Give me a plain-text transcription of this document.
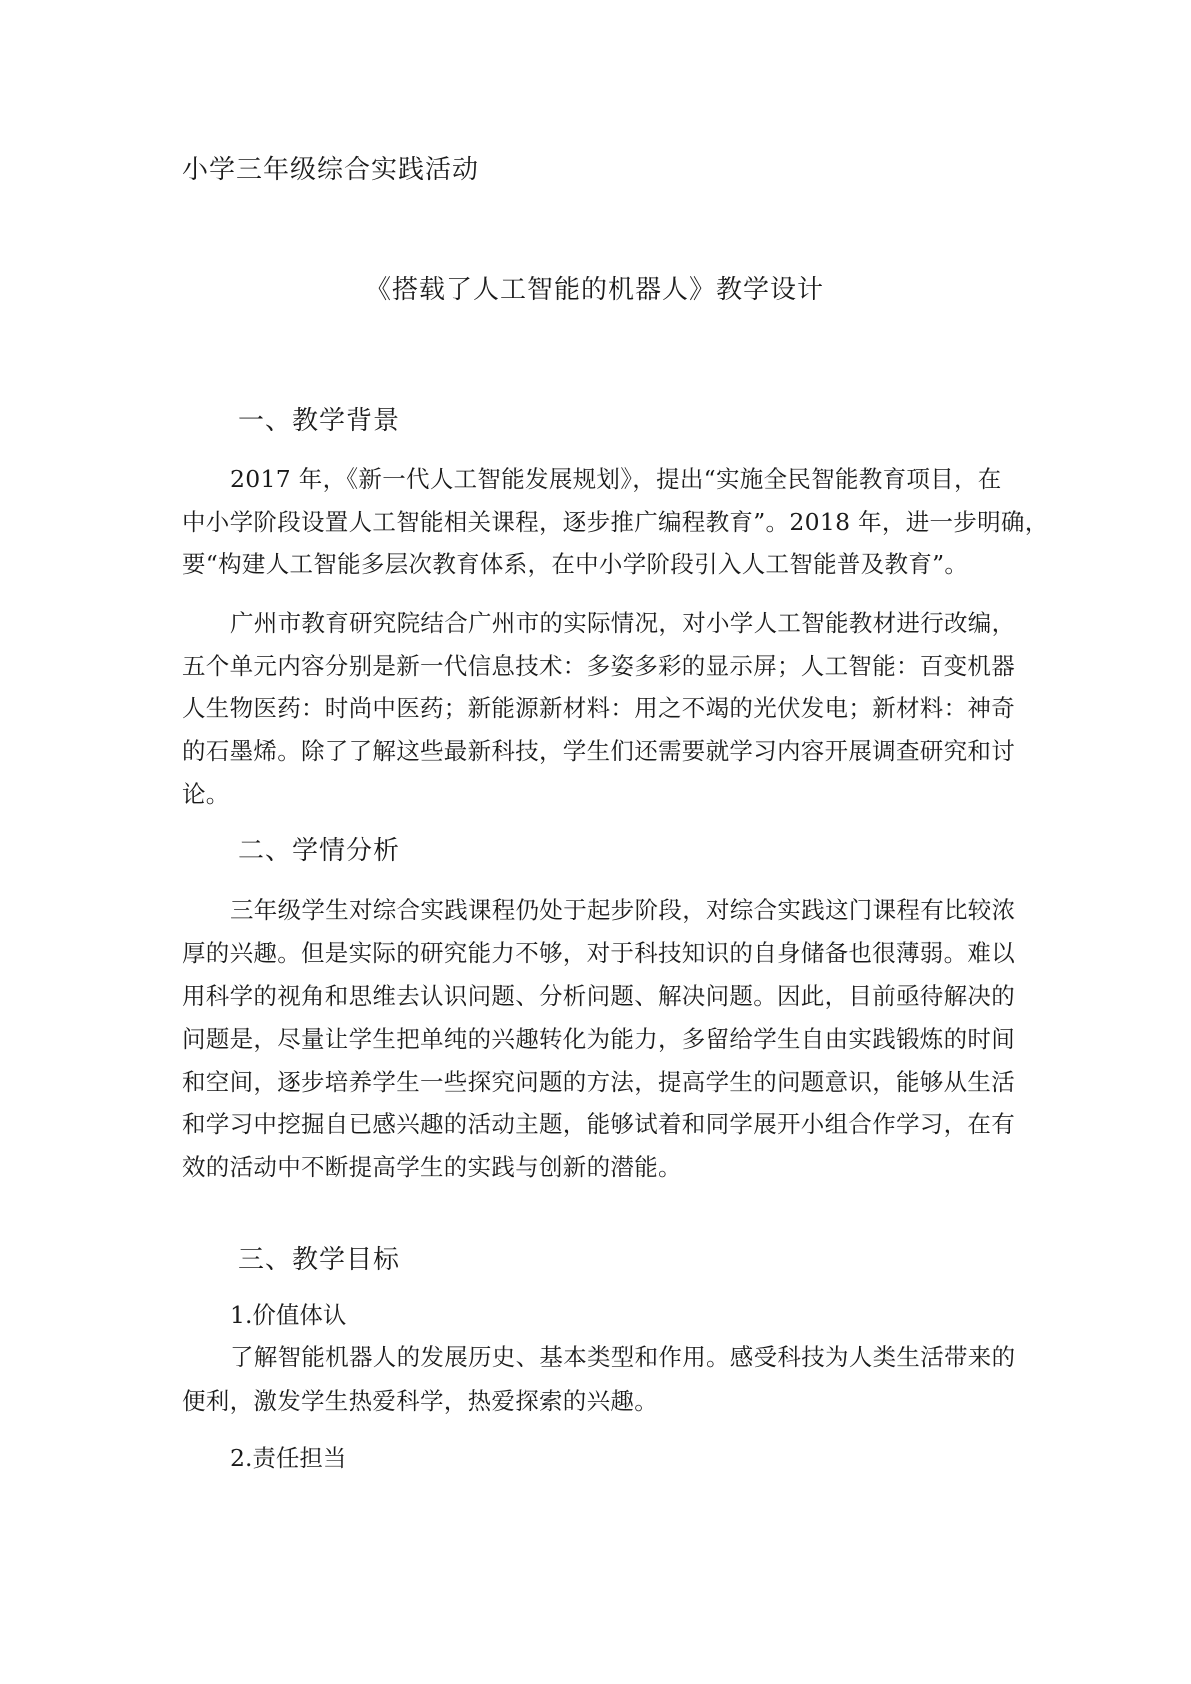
小学三年级综合实践活动

《搭载了人工智能的机器人》教学设计

一、教学背景

2017 年，《新一代人工智能发展规划》，提出“实施全民智能教育项目，在

中小学阶段设置人工智能相关课程，逐步推广编程教育”。2018 年，进一步明确，

要“构建人工智能多层次教育体系，在中小学阶段引入人工智能普及教育”。

广州市教育研究院结合广州市的实际情况，对小学人工智能教材进行改编，

五个单元内容分别是新一代信息技术：多姿多彩的显示屏；人工智能：百变机器

人生物医药：时尚中医药；新能源新材料：用之不竭的光伏发电；新材料：神奇

的石墨烯。除了了解这些最新科技，学生们还需要就学习内容开展调查研究和讨

论。

二、学情分析

三年级学生对综合实践课程仍处于起步阶段，对综合实践这门课程有比较浓

厚的兴趣。但是实际的研究能力不够，对于科技知识的自身储备也很薄弱。难以

用科学的视角和思维去认识问题、分析问题、解决问题。因此，目前亟待解决的

问题是，尽量让学生把单纯的兴趣转化为能力，多留给学生自由实践锻炼的时间

和空间，逐步培养学生一些探究问题的方法，提高学生的问题意识，能够从生活

和学习中挖掘自已感兴趣的活动主题，能够试着和同学展开小组合作学习，在有

效的活动中不断提高学生的实践与创新的潜能。

三、教学目标

1.价值体认

了解智能机器人的发展历史、基本类型和作用。感受科技为人类生活带来的

便利，激发学生热爱科学，热爱探索的兴趣。

2.责任担当
